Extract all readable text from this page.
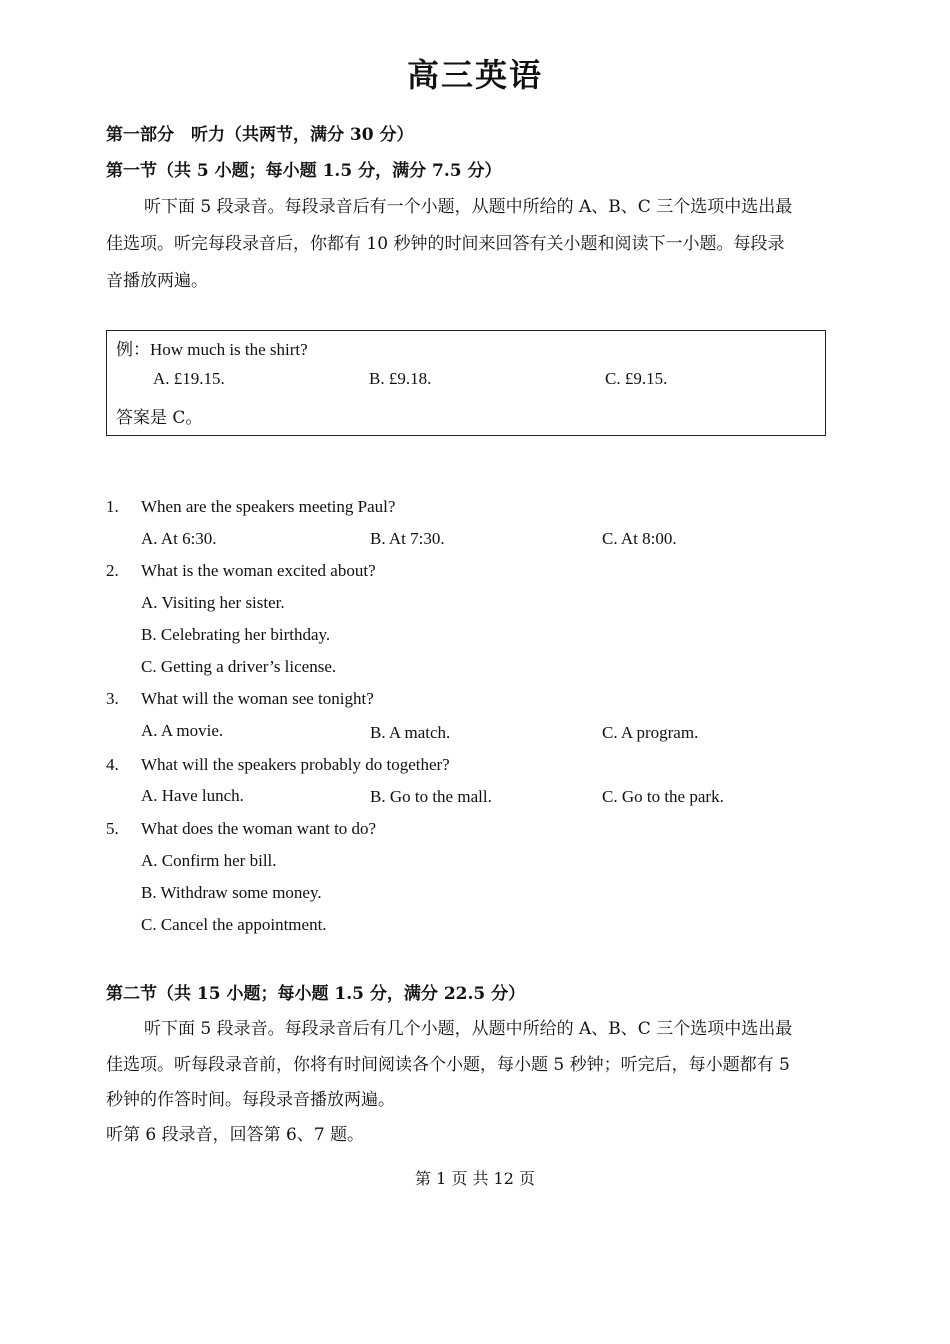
高三英语
第一部分　听力（共两节，满分 30 分）
第一节（共 5 小题；每小题 1.5 分，满分 7.5 分）
听下面 5 段录音。每段录音后有一个小题，从题中所给的 A、B、C 三个选项中选出最
佳选项。听完每段录音后，你都有 10 秒钟的时间来回答有关小题和阅读下一小题。每段录
音播放两遍。
例：How much is the shirt?
A. £19.15.	B. £9.18.	C. £9.15.
答案是 C。
1. When are the speakers meeting Paul?
A. At 6:30.	B. At 7:30.	C. At 8:00.
2. What is the woman excited about?
A. Visiting her sister.
B. Celebrating her birthday.
C. Getting a driver’s license.
3. What will the woman see tonight?
A. A movie.	B. A match.	C. A program.
4. What will the speakers probably do together?
A. Have lunch.	B. Go to the mall.	C. Go to the park.
5. What does the woman want to do?
A. Confirm her bill.
B. Withdraw some money.
C. Cancel the appointment.
第二节（共 15 小题；每小题 1.5 分，满分 22.5 分）
听下面 5 段录音。每段录音后有几个小题，从题中所给的 A、B、C 三个选项中选出最
佳选项。听每段录音前，你将有时间阅读各个小题，每小题 5 秒钟；听完后，每小题都有 5
秒钟的作答时间。每段录音播放两遍。
听第 6 段录音，回答第 6、7 题。
第 1 页 共 12 页
